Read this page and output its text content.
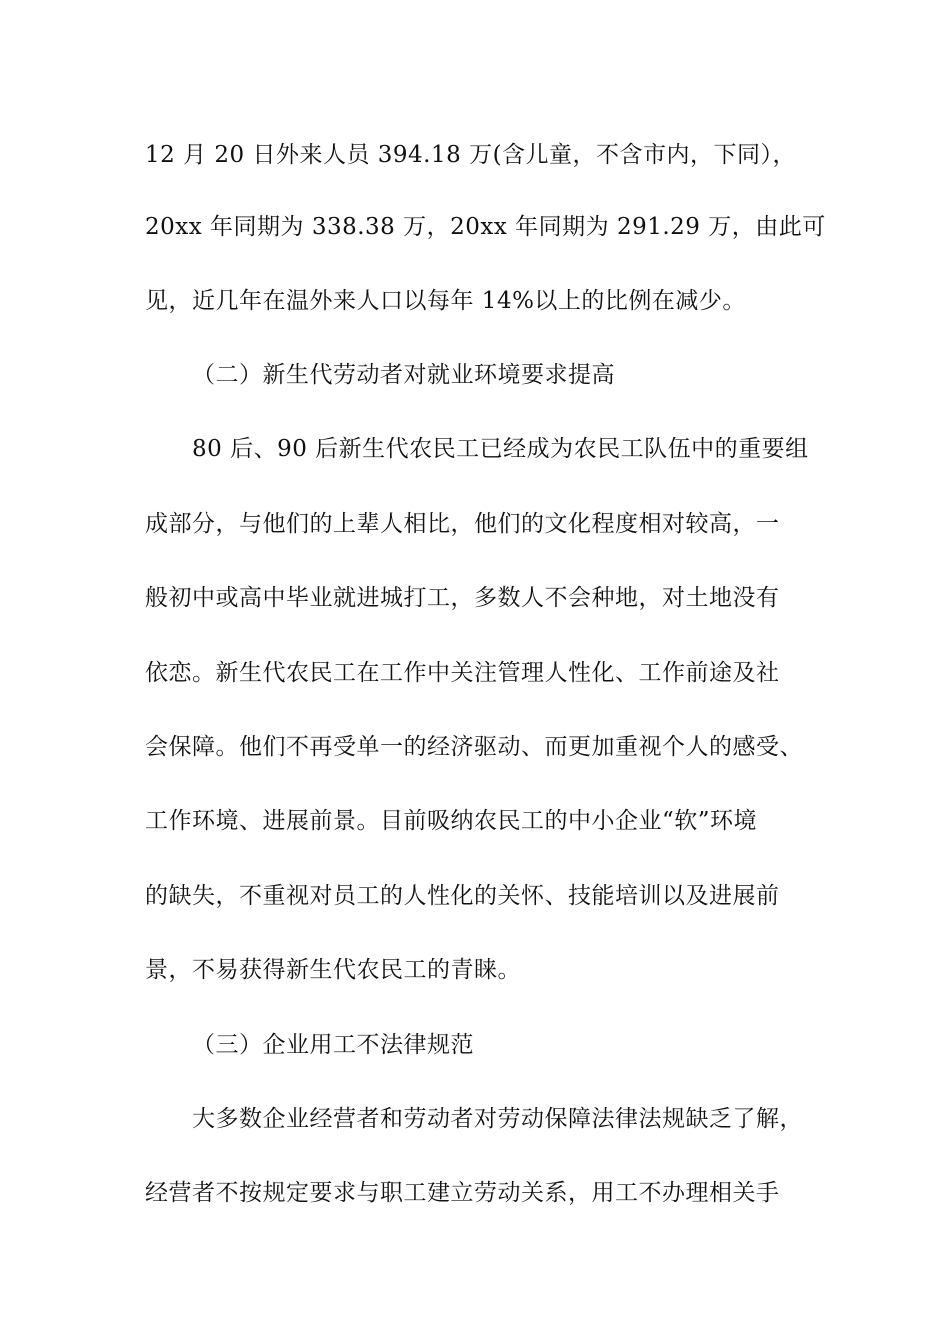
12 月 20 日外来人员 394.18 万(含儿童，不含市内，下同），
20xx 年同期为 338.38 万，20xx 年同期为 291.29 万，由此可
见，近几年在温外来人口以每年 14%以上的比例在减少。
（二）新生代劳动者对就业环境要求提高
80 后、90 后新生代农民工已经成为农民工队伍中的重要组
成部分，与他们的上辈人相比，他们的文化程度相对较高，一
般初中或高中毕业就进城打工，多数人不会种地，对土地没有
依恋。新生代农民工在工作中关注管理人性化、工作前途及社
会保障。他们不再受单一的经济驱动、而更加重视个人的感受、
工作环境、进展前景。目前吸纳农民工的中小企业“软”环境
的缺失，不重视对员工的人性化的关怀、技能培训以及进展前
景，不易获得新生代农民工的青睐。
（三）企业用工不法律规范
大多数企业经营者和劳动者对劳动保障法律法规缺乏了解，
经营者不按规定要求与职工建立劳动关系，用工不办理相关手
